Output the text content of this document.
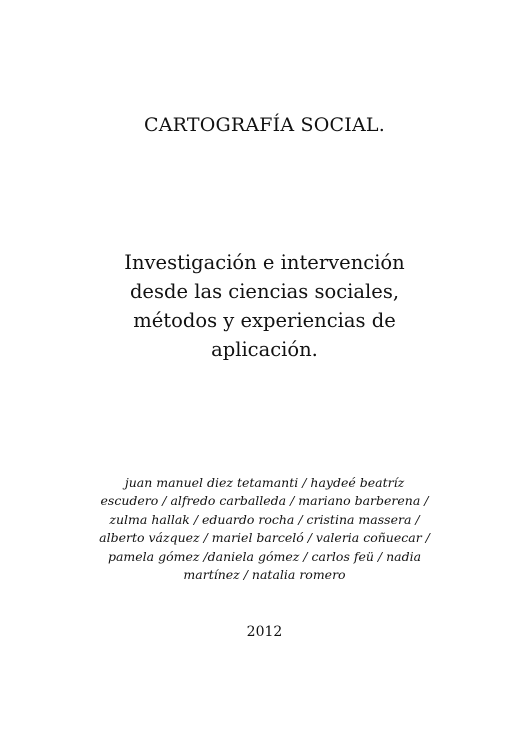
CARTOGRAFÍA SOCIAL.
Investigación e intervención
desde las ciencias sociales,
métodos y experiencias de
aplicación.
juan manuel diez tetamanti / haydeé beatríz
escudero / alfredo carballeda / mariano barberena /
zulma hallak / eduardo rocha / cristina massera /
alberto vázquez / mariel barceló / valeria coñuecar /
pamela gómez /daniela gómez / carlos feü / nadia
martínez / natalia romero

2012
